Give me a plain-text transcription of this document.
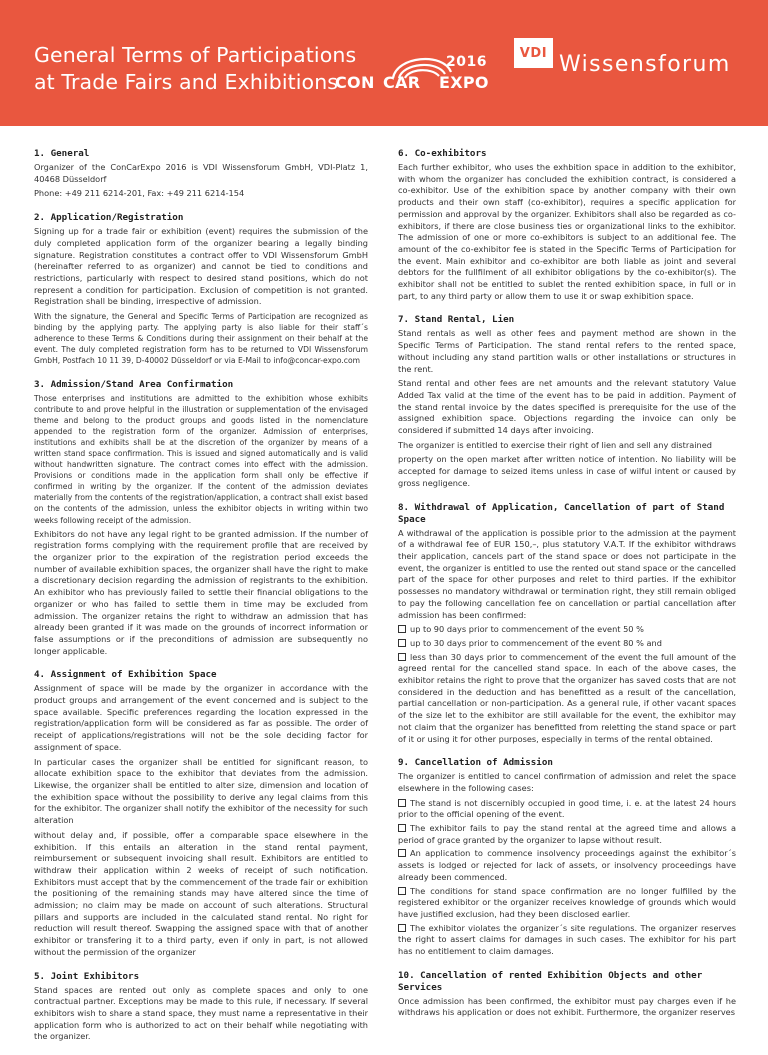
General Terms of Participations
at Trade Fairs and Exhibitions
2016
CON CAR EXPO
VDI Wissensforum
1. General

Organizer of the ConCarExpo 2016 is VDI Wissensforum GmbH, VDI-Platz 1, 40468 Düsseldorf

Phone: +49 211 6214-201, Fax: +49 211 6214-154

2. Application/Registration

Signing up for a trade fair or exhibition (event) requires the submission of the duly completed application form of the organizer bearing a legally binding signature. Registration constitutes a contract offer to VDI Wissensforum GmbH (hereinafter referred to as organizer) and cannot be tied to conditions and restrictions, particularly with respect to desired stand positions, which do not represent a condition for participation. Exclusion of competition is not granted. Registration shall be binding, irrespective of admission.

With the signature, the General and Specific Terms of Participation are recognized as binding by the applying party. The applying party is also liable for their staff´s adherence to these Terms & Conditions during their assignment on their behalf at the event. The duly completed registration form has to be returned to VDI Wissensforum GmbH, Postfach 10 11 39, D-40002 Düsseldorf or via E-Mail to info@concar-expo.com

3. Admission/Stand Area Confirmation

Those enterprises and institutions are admitted to the exhibition whose exhibits contribute to and prove helpful in the illustration or supplementation of the envisaged theme and belong to the product groups and goods listed in the nomenclature appended to the registration form of the organizer. Admission of enterprises, institutions and exhibits shall be at the discretion of the organizer by means of a written stand space confirmation. This is issued and signed automatically and is valid without handwritten signature. The contract comes into effect with the admission. Provisions or conditions made in the application form shall only be effective if confirmed in writing by the organizer. If the content of the admission deviates materially from the contents of the registration/application, a contract shall exist based on the contents of the admission, unless the exhibitor objects in writing within two weeks following receipt of the admission.

Exhibitors do not have any legal right to be granted admission. If the number of registration forms complying with the requirement profile that are received by the organizer prior to the expiration of the registration period exceeds the number of available exhibition spaces, the organizer shall have the right to make a discretionary decision regarding the admission of registrants to the exhibition. An exhibitor who has previously failed to settle their financial obligations to the organizer or who has failed to settle them in time may be excluded from admission. The organizer retains the right to withdraw an admission that has already been granted if it was made on the grounds of incorrect information or false assumptions or if the preconditions of admission are subsequently no longer applicable.

4. Assignment of Exhibition Space

Assignment of space will be made by the organizer in accordance with the product groups and arrangement of the event concerned and is subject to the space available. Specific preferences regarding the location expressed in the registration/application form will be considered as far as possible. The order of receipt of applications/registrations will not be the sole deciding factor for assignment of space.

In particular cases the organizer shall be entitled for significant reason, to allocate exhibition space to the exhibitor that deviates from the admission. Likewise, the organizer shall be entitled to alter size, dimension and location of the exhibition space without the possibility to derive any legal claims from this for the exhibitor. The organizer shall notify the exhibitor of the necessity for such alteration

without delay and, if possible, offer a comparable space elsewhere in the exhibition. If this entails an alteration in the stand rental payment, reimbursement or subsequent invoicing shall result. Exhibitors are entitled to withdraw their application within 2 weeks of receipt of such notification. Exhibitors must accept that by the commencement of the trade fair or exhibition the positioning of the remaining stands may have altered since the time of admission; no claim may be made on account of such alterations. Structural pillars and supports are included in the calculated stand rental. No right for reduction will result thereof. Swapping the assigned space with that of another exhibitor or transfering it to a third party, even if only in part, is not allowed without the permission of the organizer

5. Joint Exhibitors

Stand spaces are rented out only as complete spaces and only to one contractual partner. Exceptions may be made to this rule, if necessary. If several exhibitors wish to share a stand space, they must name a representative in their application form who is authorized to act on their behalf while negotiating with the organizer.

6. Co-exhibitors

Each further exhibitor, who uses the exhbition space in addition to the exhibitor, with whom the organizer has concluded the exhibition contract, is considered a co-exhibitor. Use of the exhibition space by another company with their own products and their own staff (co-exhibitor), requires a specific application for permission and approval by the organizer. Exhibitors shall also be regarded as co-exhibitors, if there are close business ties or organizational links to the exhibitor. The admission of one or more co-exhibitors is subject to an additional fee. The amount of the co-exhibitor fee is stated in the Specific Terms of Participation for the event. Main exhibitor and co-exhibitor are both liable as joint and several debtors for the fullfilment of all exhibitor obligations by the co-exhibitor(s). The exhibitor shall not be entitled to sublet the rented exhibition space, in full or in part, to any third party or allow them to use it or swap exhibition space.

7. Stand Rental, Lien

Stand rentals as well as other fees and payment method are shown in the Specific Terms of Participation. The stand rental refers to the rented space, without including any stand partition walls or other installations or structures in the rent.

Stand rental and other fees are net amounts and the relevant statutory Value Added Tax valid at the time of the event has to be paid in addition. Payment of the stand rental invoice by the dates specified is prerequisite for the use of the assigned exhibition space. Objections regarding the invoice can only be considered if submitted 14 days after invoicing.

The organizer is entitled to exercise their right of lien and sell any distrained

property on the open market after written notice of intention. No liability will be accepted for damage to seized items unless in case of wilful intent or caused by gross negligence.

8. Withdrawal of Application, Cancellation of part of Stand Space

A withdrawal of the application is possible prior to the admission at the payment of a withdrawal fee of EUR 150,–, plus statutory V.A.T. If the exhibitor withdraws their application, cancels part of the stand space or does not participate in the event, the organizer is entitled to use the rented out stand space or the cancelled part of the space for other purposes and relet to third parties. If the exhibitor possesses no mandatory withdrawal or termination right, they still remain obliged to pay the following cancellation fee on cancellation or partial cancellation after admission has been confirmed:

up to 90 days prior to commencement of the event 50 %
up to 30 days prior to commencement of the event 80 % and
less than 30 days prior to commencement of the event the full amount of the agreed rental for the cancelled stand space. In each of the above cases, the exhibitor retains the right to prove that the organizer has saved costs that are not considered in the deduction and has benefitted as a result of the cancellation, partial cancellation or non-participation. As a general rule, if other vacant spaces of the size let to the exhibitor are still available for the event, the exhibitor may not claim that the organizer has benefitted from reletting the stand space or part of it or using it for other purposes, especially in terms of the rental obtained.
9. Cancellation of Admission

The organizer is entitled to cancel confirmation of admission and relet the space elsewhere in the following cases:

The stand is not discernibly occupied in good time, i. e. at the latest 24 hours prior to the official opening of the event.
The exhibitor fails to pay the stand rental at the agreed time and allows a period of grace granted by the organizer to lapse without result.
An application to commence insolvency proceedings against the exhibitor´s assets is lodged or rejected for lack of assets, or insolvency proceedings have already been commenced.
The conditions for stand space confirmation are no longer fulfilled by the registered exhibitor or the organizer receives knowledge of grounds which would have justified exclusion, had they been disclosed earlier.
The exhibitor violates the organizer´s site regulations. The organizer reserves the right to assert claims for damages in such cases. The exhibitor for his part has no entitlement to claim damages.
10. Cancellation of rented Exhibition Objects and other Services

Once admission has been confirmed, the exhibitor must pay charges even if he withdraws his application or does not exhibit. Furthermore, the organizer reserves
